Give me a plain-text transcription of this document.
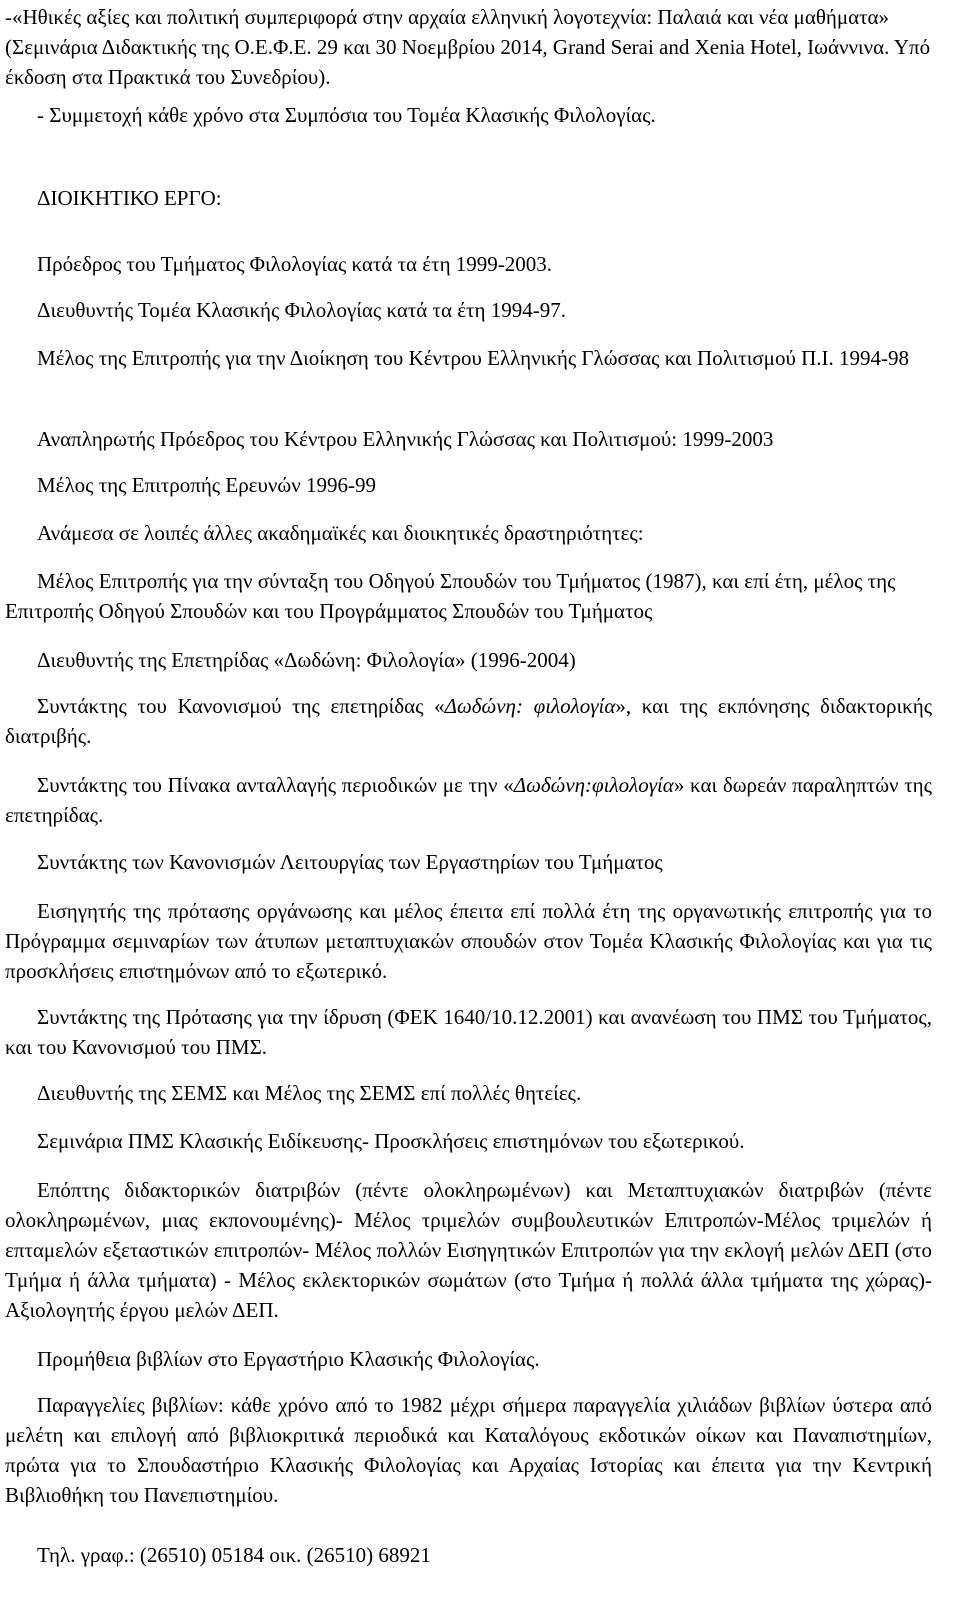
-«Ηθικές αξίες και πολιτική συμπεριφορά στην αρχαία ελληνική λογοτεχνία: Παλαιά και νέα μαθήματα» (Σεμινάρια Διδακτικής της Ο.Ε.Φ.Ε. 29 και 30 Νοεμβρίου 2014, Grand Serai and Xenia Hotel, Ιωάννινα. Υπό έκδοση στα Πρακτικά του Συνεδρίου).

- Συμμετοχή κάθε χρόνο στα Συμπόσια του Τομέα Κλασικής Φιλολογίας.

ΔΙΟΙΚΗΤΙΚΟ ΕΡΓΟ:

Πρόεδρος του Τμήματος Φιλολογίας κατά τα έτη 1999-2003.

Διευθυντής Τομέα Κλασικής Φιλολογίας κατά τα έτη 1994-97.

Μέλος της Επιτροπής για την Διοίκηση του Κέντρου Ελληνικής Γλώσσας και Πολιτισμού Π.Ι. 1994-98

Αναπληρωτής Πρόεδρος του Κέντρου Ελληνικής Γλώσσας και Πολιτισμού: 1999-2003

Μέλος της Επιτροπής Ερευνών 1996-99

Ανάμεσα σε λοιπές άλλες ακαδημαϊκές και διοικητικές δραστηριότητες:

Μέλος Επιτροπής για την σύνταξη του Οδηγού Σπουδών του Τμήματος (1987), και επί έτη, μέλος της Επιτροπής Οδηγού Σπουδών και του Προγράμματος Σπουδών του Τμήματος

Διευθυντής της Επετηρίδας «Δωδώνη: Φιλολογία» (1996-2004)

Συντάκτης του Κανονισμού της επετηρίδας «Δωδώνη: φιλολογία», και της εκπόνησης διδακτορικής διατριβής.

Συντάκτης του Πίνακα ανταλλαγής περιοδικών με την «Δωδώνη:φιλολογία» και δωρεάν παραληπτών της επετηρίδας.

Συντάκτης των Κανονισμών Λειτουργίας των Εργαστηρίων του Τμήματος

Εισηγητής της πρότασης οργάνωσης και μέλος έπειτα επί πολλά έτη της οργανωτικής επιτροπής για το Πρόγραμμα σεμιναρίων των άτυπων μεταπτυχιακών σπουδών στον Τομέα Κλασικής Φιλολογίας και για τις προσκλήσεις επιστημόνων από το εξωτερικό.

Συντάκτης της Πρότασης για την ίδρυση (ΦΕΚ 1640/10.12.2001) και ανανέωση του ΠΜΣ του Τμήματος, και του Κανονισμού του ΠΜΣ.

Διευθυντής της ΣΕΜΣ και Μέλος της ΣΕΜΣ επί πολλές θητείες.

Σεμινάρια ΠΜΣ Κλασικής Ειδίκευσης- Προσκλήσεις επιστημόνων του εξωτερικού.

Επόπτης διδακτορικών διατριβών (πέντε ολοκληρωμένων) και Μεταπτυχιακών διατριβών (πέντε ολοκληρωμένων, μιας εκπονουμένης)- Μέλος τριμελών συμβουλευτικών Επιτροπών-Μέλος τριμελών ή επταμελών εξεταστικών επιτροπών- Μέλος πολλών Εισηγητικών Επιτροπών για την εκλογή μελών ΔΕΠ (στο Τμήμα ή άλλα τμήματα) - Μέλος εκλεκτορικών σωμάτων (στο Τμήμα ή πολλά άλλα τμήματα της χώρας)-Αξιολογητής έργου μελών ΔΕΠ.

Προμήθεια βιβλίων στο Εργαστήριο Κλασικής Φιλολογίας.

Παραγγελίες βιβλίων: κάθε χρόνο από το 1982 μέχρι σήμερα παραγγελία χιλιάδων βιβλίων ύστερα από μελέτη και επιλογή από βιβλιοκριτικά περιοδικά και Καταλόγους εκδοτικών οίκων και Παναπιστημίων, πρώτα για το Σπουδαστήριο Κλασικής Φιλολογίας και Αρχαίας Ιστορίας και έπειτα για την Κεντρική Βιβλιοθήκη του Πανεπιστημίου.

Τηλ. γραφ.: (26510) 05184 οικ. (26510) 68921
